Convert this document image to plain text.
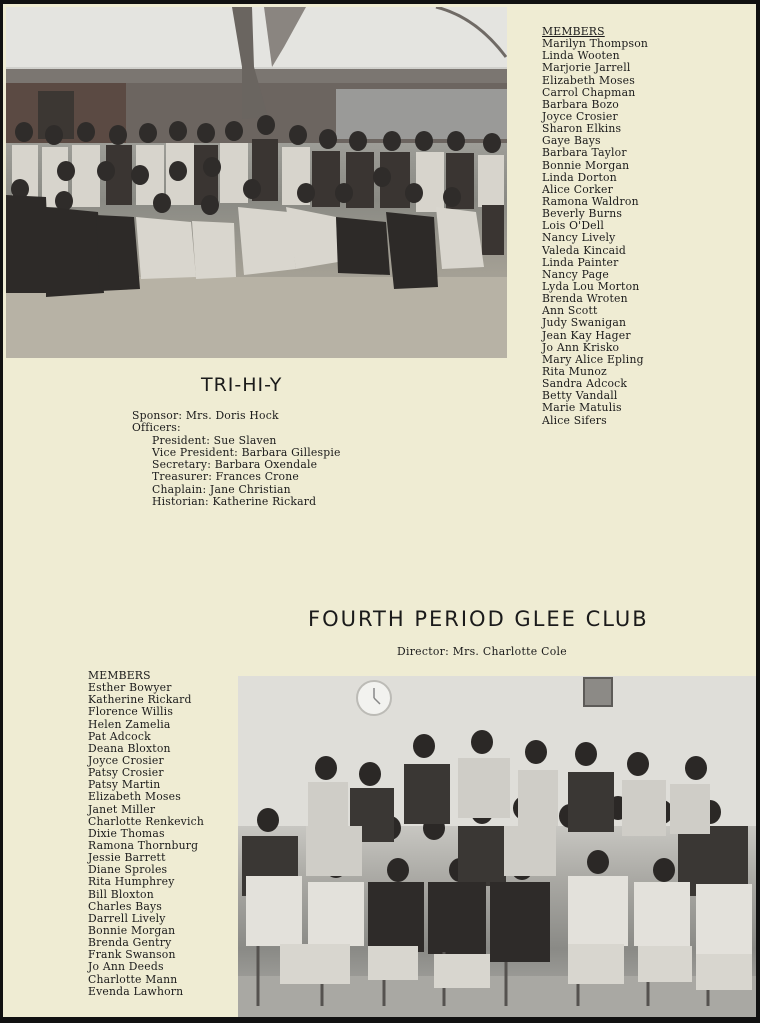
MEMBERS
Marilyn Thompson
Linda Wooten
Marjorie Jarrell
Elizabeth Moses
Carrol Chapman
Barbara Bozo
Joyce Crosier
Sharon Elkins
Gaye Bays
Barbara Taylor
Bonnie Morgan
Linda Dorton
Alice Corker
Ramona Waldron
Beverly Burns
Lois O'Dell
Nancy Lively
Valeda Kincaid
Linda Painter
Nancy Page
Lyda Lou Morton
Brenda Wroten
Ann Scott
Judy Swanigan
Jean Kay Hager
Jo Ann Krisko
Mary Alice Epling
Rita Munoz
Sandra Adcock
Betty Vandall
Marie Matulis
Alice Sifers
TRI-HI-Y
Sponsor: Mrs. Doris Hock
Officers:
President: Sue Slaven
Vice President: Barbara Gillespie
Secretary: Barbara Oxendale
Treasurer: Frances Crone
Chaplain: Jane Christian
Historian: Katherine Rickard
FOURTH PERIOD GLEE CLUB
Director: Mrs. Charlotte Cole
MEMBERS
Esther Bowyer
Katherine Rickard
Florence Willis
Helen Zamelia
Pat Adcock
Deana Bloxton
Joyce Crosier
Patsy Crosier
Patsy Martin
Elizabeth Moses
Janet Miller
Charlotte Renkevich
Dixie Thomas
Ramona Thornburg
Jessie Barrett
Diane Sproles
Rita Humphrey
Bill Bloxton
Charles Bays
Darrell Lively
Bonnie Morgan
Brenda Gentry
Frank Swanson
Jo Ann Deeds
Charlotte Mann
Evenda Lawhorn
